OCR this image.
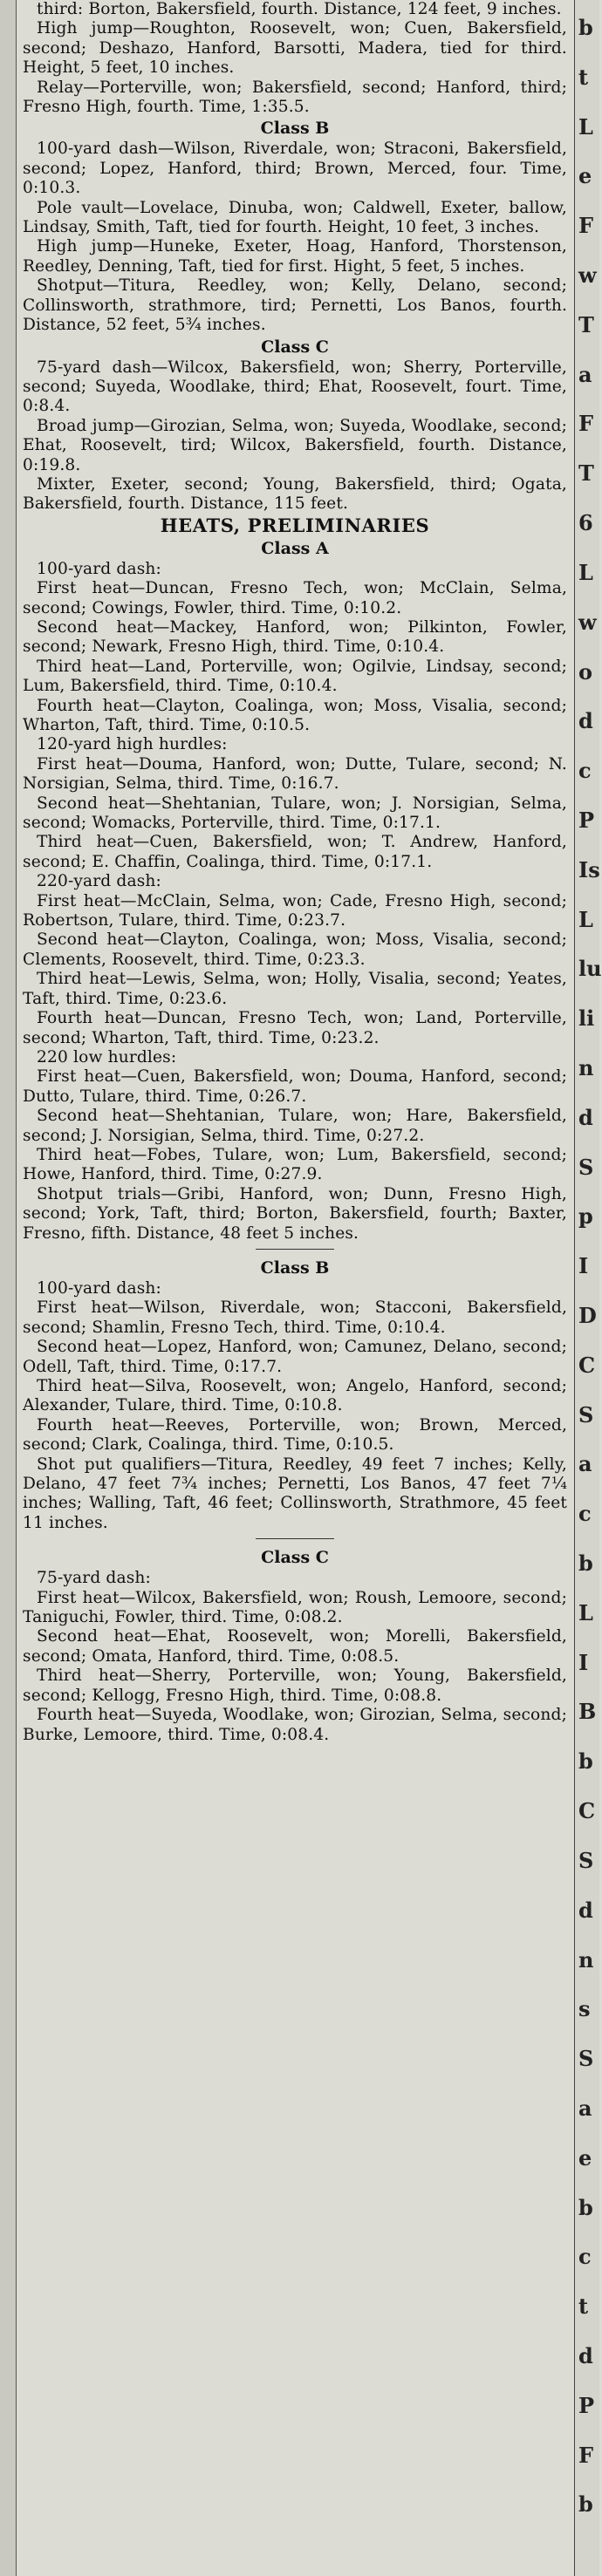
third: Borton, Bakersfield, fourth. Distance, 124 feet, 9 inches.

High jump—Roughton, Roosevelt, won; Cuen, Bakersfield, second; Deshazo, Hanford, Barsotti, Madera, tied for third. Height, 5 feet, 10 inches.

Relay—Porterville, won; Bakersfield, second; Hanford, third; Fresno High, fourth. Time, 1:35.5.

Class B

100-yard dash—Wilson, Riverdale, won; Straconi, Bakersfield, second; Lopez, Hanford, third; Brown, Merced, four. Time, 0:10.3.

Pole vault—Lovelace, Dinuba, won; Caldwell, Exeter, ballow, Lindsay, Smith, Taft, tied for fourth. Height, 10 feet, 3 inches.

High jump—Huneke, Exeter, Hoag, Hanford, Thorstenson, Reedley, Denning, Taft, tied for first. Hight, 5 feet, 5 inches.

Shotput—Titura, Reedley, won; Kelly, Delano, second; Collinsworth, strathmore, tird; Pernetti, Los Banos, fourth. Distance, 52 feet, 5¾ inches.

Class C

75-yard dash—Wilcox, Bakersfield, won; Sherry, Porterville, second; Suyeda, Woodlake, third; Ehat, Roosevelt, fourt. Time, 0:8.4.

Broad jump—Girozian, Selma, won; Suyeda, Woodlake, second; Ehat, Roosevelt, tird; Wilcox, Bakersfield, fourth. Distance, 0:19.8.

Mixter, Exeter, second; Young, Bakersfield, third; Ogata, Bakersfield, fourth. Distance, 115 feet.

HEATS, PRELIMINARIES
Class A

100-yard dash:

First heat—Duncan, Fresno Tech, won; McClain, Selma, second; Cowings, Fowler, third. Time, 0:10.2.

Second heat—Mackey, Hanford, won; Pilkinton, Fowler, second; Newark, Fresno High, third. Time, 0:10.4.

Third heat—Land, Porterville, won; Ogilvie, Lindsay, second; Lum, Bakersfield, third. Time, 0:10.4.

Fourth heat—Clayton, Coalinga, won; Moss, Visalia, second; Wharton, Taft, third. Time, 0:10.5.

120-yard high hurdles:

First heat—Douma, Hanford, won; Dutte, Tulare, second; N. Norsigian, Selma, third. Time, 0:16.7.

Second heat—Shehtanian, Tulare, won; J. Norsigian, Selma, second; Womacks, Porterville, third. Time, 0:17.1.

Third heat—Cuen, Bakersfield, won; T. Andrew, Hanford, second; E. Chaffin, Coalinga, third. Time, 0:17.1.

220-yard dash:

First heat—McClain, Selma, won; Cade, Fresno High, second; Robertson, Tulare, third. Time, 0:23.7.

Second heat—Clayton, Coalinga, won; Moss, Visalia, second; Clements, Roosevelt, third. Time, 0:23.3.

Third heat—Lewis, Selma, won; Holly, Visalia, second; Yeates, Taft, third. Time, 0:23.6.

Fourth heat—Duncan, Fresno Tech, won; Land, Porterville, second; Wharton, Taft, third. Time, 0:23.2.

220 low hurdles:

First heat—Cuen, Bakersfield, won; Douma, Hanford, second; Dutto, Tulare, third. Time, 0:26.7.

Second heat—Shehtanian, Tulare, won; Hare, Bakersfield, second; J. Norsigian, Selma, third. Time, 0:27.2.

Third heat—Fobes, Tulare, won; Lum, Bakersfield, second; Howe, Hanford, third. Time, 0:27.9.

Shotput trials—Gribi, Hanford, won; Dunn, Fresno High, second; York, Taft, third; Borton, Bakersfield, fourth; Baxter, Fresno, fifth. Distance, 48 feet 5 inches.

Class B

100-yard dash:

First heat—Wilson, Riverdale, won; Stacconi, Bakersfield, second; Shamlin, Fresno Tech, third. Time, 0:10.4.

Second heat—Lopez, Hanford, won; Camunez, Delano, second; Odell, Taft, third. Time, 0:17.7.

Third heat—Silva, Roosevelt, won; Angelo, Hanford, second; Alexander, Tulare, third. Time, 0:10.8.

Fourth heat—Reeves, Porterville, won; Brown, Merced, second; Clark, Coalinga, third. Time, 0:10.5.

Shot put qualifiers—Titura, Reedley, 49 feet 7 inches; Kelly, Delano, 47 feet 7¾ inches; Pernetti, Los Banos, 47 feet 7¼ inches; Walling, Taft, 46 feet; Collinsworth, Strathmore, 45 feet 11 inches.

Class C

75-yard dash:

First heat—Wilcox, Bakersfield, won; Roush, Lemoore, second; Taniguchi, Fowler, third. Time, 0:08.2.

Second heat—Ehat, Roosevelt, won; Morelli, Bakersfield, second; Omata, Hanford, third. Time, 0:08.5.

Third heat—Sherry, Porterville, won; Young, Bakersfield, second; Kellogg, Fresno High, third. Time, 0:08.8.

Fourth heat—Suyeda, Woodlake, won; Girozian, Selma, second; Burke, Lemoore, third. Time, 0:08.4.

b
t
L
e
F
w
T
a
F
T
6
L
w
o
d
c
P
Is
L
lu
li
n
d
S
p
I
D
C
S
a
c
b
L
I
B
b
C
S
d
n
s
S
a
e
b
c
t
d
P
F
b
